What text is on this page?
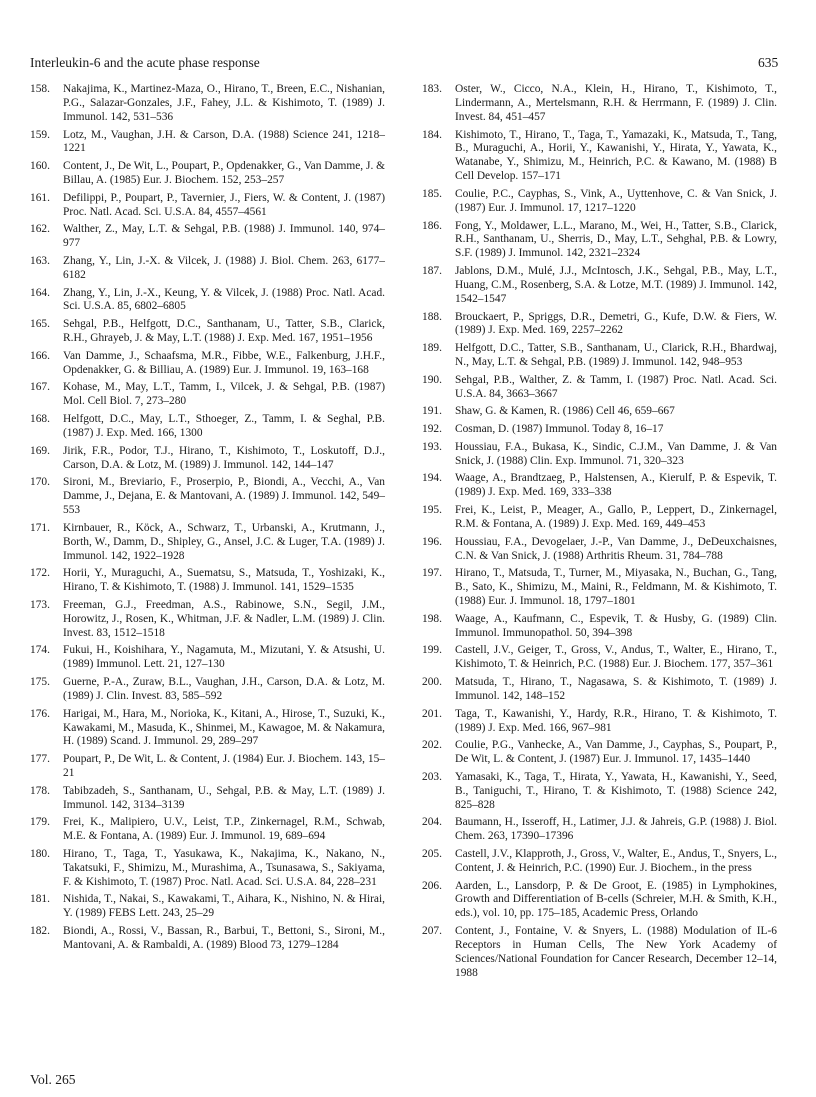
Interleukin-6 and the acute phase response	635
158. Nakajima, K., Martinez-Maza, O., Hirano, T., Breen, E.C., Nishanian, P.G., Salazar-Gonzales, J.F., Fahey, J.L. & Kishimoto, T. (1989) J. Immunol. 142, 531–536
159. Lotz, M., Vaughan, J.H. & Carson, D.A. (1988) Science 241, 1218–1221
160. Content, J., De Wit, L., Poupart, P., Opdenakker, G., Van Damme, J. & Billau, A. (1985) Eur. J. Biochem. 152, 253–257
161. Defilippi, P., Poupart, P., Tavernier, J., Fiers, W. & Content, J. (1987) Proc. Natl. Acad. Sci. U.S.A. 84, 4557–4561
162. Walther, Z., May, L.T. & Sehgal, P.B. (1988) J. Immunol. 140, 974–977
163. Zhang, Y., Lin, J.-X. & Vilcek, J. (1988) J. Biol. Chem. 263, 6177–6182
164. Zhang, Y., Lin, J.-X., Keung, Y. & Vilcek, J. (1988) Proc. Natl. Acad. Sci. U.S.A. 85, 6802–6805
165. Sehgal, P.B., Helfgott, D.C., Santhanam, U., Tatter, S.B., Clarick, R.H., Ghrayeb, J. & May, L.T. (1988) J. Exp. Med. 167, 1951–1956
166. Van Damme, J., Schaafsma, M.R., Fibbe, W.E., Falkenburg, J.H.F., Opdenakker, G. & Billiau, A. (1989) Eur. J. Immunol. 19, 163–168
167. Kohase, M., May, L.T., Tamm, I., Vilcek, J. & Sehgal, P.B. (1987) Mol. Cell Biol. 7, 273–280
168. Helfgott, D.C., May, L.T., Sthoeger, Z., Tamm, I. & Seghal, P.B. (1987) J. Exp. Med. 166, 1300
169. Jirik, F.R., Podor, T.J., Hirano, T., Kishimoto, T., Loskutoff, D.J., Carson, D.A. & Lotz, M. (1989) J. Immunol. 142, 144–147
170. Sironi, M., Breviario, F., Proserpio, P., Biondi, A., Vecchi, A., Van Damme, J., Dejana, E. & Mantovani, A. (1989) J. Immunol. 142, 549–553
171. Kirnbauer, R., Köck, A., Schwarz, T., Urbanski, A., Krutmann, J., Borth, W., Damm, D., Shipley, G., Ansel, J.C. & Luger, T.A. (1989) J. Immunol. 142, 1922–1928
172. Horii, Y., Muraguchi, A., Suematsu, S., Matsuda, T., Yoshizaki, K., Hirano, T. & Kishimoto, T. (1988) J. Immunol. 141, 1529–1535
173. Freeman, G.J., Freedman, A.S., Rabinowe, S.N., Segil, J.M., Horowitz, J., Rosen, K., Whitman, J.F. & Nadler, L.M. (1989) J. Clin. Invest. 83, 1512–1518
174. Fukui, H., Koishihara, Y., Nagamuta, M., Mizutani, Y. & Atsushi, U. (1989) Immunol. Lett. 21, 127–130
175. Guerne, P.-A., Zuraw, B.L., Vaughan, J.H., Carson, D.A. & Lotz, M. (1989) J. Clin. Invest. 83, 585–592
176. Harigai, M., Hara, M., Norioka, K., Kitani, A., Hirose, T., Suzuki, K., Kawakami, M., Masuda, K., Shinmei, M., Kawagoe, M. & Nakamura, H. (1989) Scand. J. Immunol. 29, 289–297
177. Poupart, P., De Wit, L. & Content, J. (1984) Eur. J. Biochem. 143, 15–21
178. Tabibzadeh, S., Santhanam, U., Sehgal, P.B. & May, L.T. (1989) J. Immunol. 142, 3134–3139
179. Frei, K., Malipiero, U.V., Leist, T.P., Zinkernagel, R.M., Schwab, M.E. & Fontana, A. (1989) Eur. J. Immunol. 19, 689–694
180. Hirano, T., Taga, T., Yasukawa, K., Nakajima, K., Nakano, N., Takatsuki, F., Shimizu, M., Murashima, A., Tsunasawa, S., Sakiyama, F. & Kishimoto, T. (1987) Proc. Natl. Acad. Sci. U.S.A. 84, 228–231
181. Nishida, T., Nakai, S., Kawakami, T., Aihara, K., Nishino, N. & Hirai, Y. (1989) FEBS Lett. 243, 25–29
182. Biondi, A., Rossi, V., Bassan, R., Barbui, T., Bettoni, S., Sironi, M., Mantovani, A. & Rambaldi, A. (1989) Blood 73, 1279–1284
183. Oster, W., Cicco, N.A., Klein, H., Hirano, T., Kishimoto, T., Lindermann, A., Mertelsmann, R.H. & Herrmann, F. (1989) J. Clin. Invest. 84, 451–457
184. Kishimoto, T., Hirano, T., Taga, T., Yamazaki, K., Matsuda, T., Tang, B., Muraguchi, A., Horii, Y., Kawanishi, Y., Hirata, Y., Yawata, K., Watanabe, Y., Shimizu, M., Heinrich, P.C. & Kawano, M. (1988) B Cell Develop. 157–171
185. Coulie, P.C., Cayphas, S., Vink, A., Uyttenhove, C. & Van Snick, J. (1987) Eur. J. Immunol. 17, 1217–1220
186. Fong, Y., Moldawer, L.L., Marano, M., Wei, H., Tatter, S.B., Clarick, R.H., Santhanam, U., Sherris, D., May, L.T., Sehghal, P.B. & Lowry, S.F. (1989) J. Immunol. 142, 2321–2324
187. Jablons, D.M., Mulé, J.J., McIntosch, J.K., Sehgal, P.B., May, L.T., Huang, C.M., Rosenberg, S.A. & Lotze, M.T. (1989) J. Immunol. 142, 1542–1547
188. Brouckaert, P., Spriggs, D.R., Demetri, G., Kufe, D.W. & Fiers, W. (1989) J. Exp. Med. 169, 2257–2262
189. Helfgott, D.C., Tatter, S.B., Santhanam, U., Clarick, R.H., Bhardwaj, N., May, L.T. & Sehgal, P.B. (1989) J. Immunol. 142, 948–953
190. Sehgal, P.B., Walther, Z. & Tamm, I. (1987) Proc. Natl. Acad. Sci. U.S.A. 84, 3663–3667
191. Shaw, G. & Kamen, R. (1986) Cell 46, 659–667
192. Cosman, D. (1987) Immunol. Today 8, 16–17
193. Houssiau, F.A., Bukasa, K., Sindic, C.J.M., Van Damme, J. & Van Snick, J. (1988) Clin. Exp. Immunol. 71, 320–323
194. Waage, A., Brandtzaeg, P., Halstensen, A., Kierulf, P. & Espevik, T. (1989) J. Exp. Med. 169, 333–338
195. Frei, K., Leist, P., Meager, A., Gallo, P., Leppert, D., Zinkernagel, R.M. & Fontana, A. (1989) J. Exp. Med. 169, 449–453
196. Houssiau, F.A., Devogelaer, J.-P., Van Damme, J., DeDeuxchaisnes, C.N. & Van Snick, J. (1988) Arthritis Rheum. 31, 784–788
197. Hirano, T., Matsuda, T., Turner, M., Miyasaka, N., Buchan, G., Tang, B., Sato, K., Shimizu, M., Maini, R., Feldmann, M. & Kishimoto, T. (1988) Eur. J. Immunol. 18, 1797–1801
198. Waage, A., Kaufmann, C., Espevik, T. & Husby, G. (1989) Clin. Immunol. Immunopathol. 50, 394–398
199. Castell, J.V., Geiger, T., Gross, V., Andus, T., Walter, E., Hirano, T., Kishimoto, T. & Heinrich, P.C. (1988) Eur. J. Biochem. 177, 357–361
200. Matsuda, T., Hirano, T., Nagasawa, S. & Kishimoto, T. (1989) J. Immunol. 142, 148–152
201. Taga, T., Kawanishi, Y., Hardy, R.R., Hirano, T. & Kishimoto, T. (1989) J. Exp. Med. 166, 967–981
202. Coulie, P.G., Vanhecke, A., Van Damme, J., Cayphas, S., Poupart, P., De Wit, L. & Content, J. (1987) Eur. J. Immunol. 17, 1435–1440
203. Yamasaki, K., Taga, T., Hirata, Y., Yawata, H., Kawanishi, Y., Seed, B., Taniguchi, T., Hirano, T. & Kishimoto, T. (1988) Science 242, 825–828
204. Baumann, H., Isseroff, H., Latimer, J.J. & Jahreis, G.P. (1988) J. Biol. Chem. 263, 17390–17396
205. Castell, J.V., Klapproth, J., Gross, V., Walter, E., Andus, T., Snyers, L., Content, J. & Heinrich, P.C. (1990) Eur. J. Biochem., in the press
206. Aarden, L., Lansdorp, P. & De Groot, E. (1985) in Lymphokines, Growth and Differentiation of B-cells (Schreier, M.H. & Smith, K.H., eds.), vol. 10, pp. 175–185, Academic Press, Orlando
207. Content, J., Fontaine, V. & Snyers, L. (1988) Modulation of IL-6 Receptors in Human Cells, The New York Academy of Sciences/National Foundation for Cancer Research, December 12–14, 1988
Vol. 265
